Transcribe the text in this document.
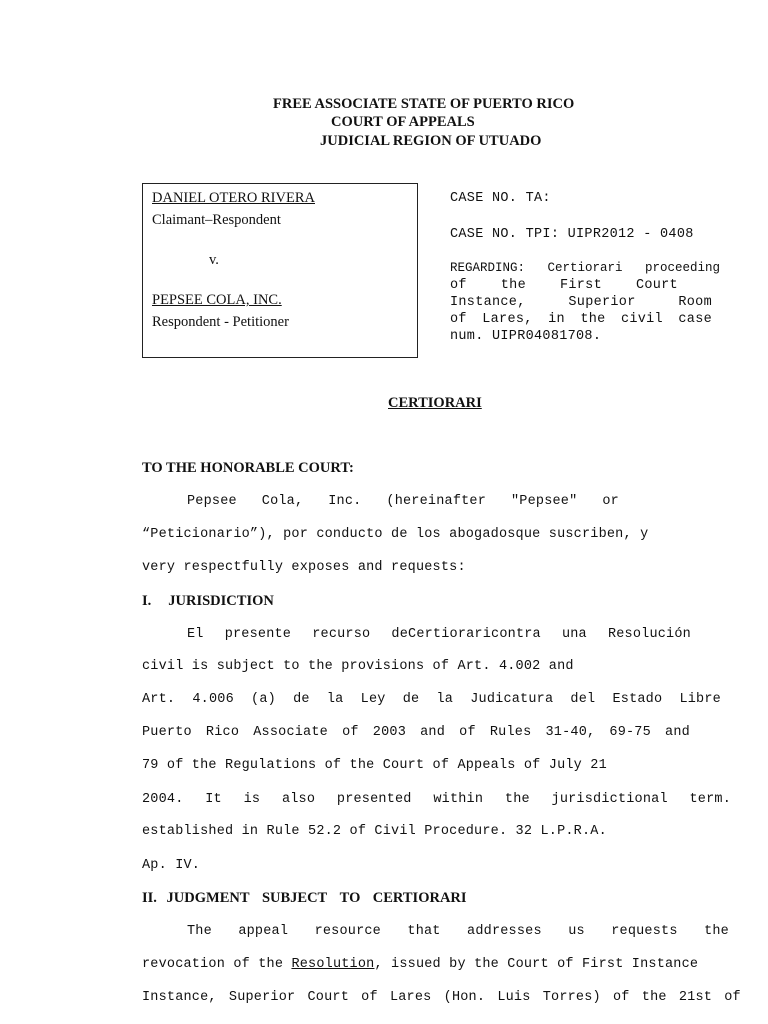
FREE ASSOCIATE STATE OF PUERTO RICO
COURT OF APPEALS
JUDICIAL REGION OF UTUADO
DANIEL OTERO RIVERA
Claimant–Respondent
v.
PEPSEE COLA, INC.
Respondent - Petitioner
CASE NO. TA:
CASE NO. TPI: UIPR2012 - 0408
REGARDING: Certiorari proceeding
of	the	First	Court
Instance,	Superior	Room
of Lares, in the civil case
num. UIPR04081708.
CERTIORARI
TO THE HONORABLE COURT:
Pepsee Cola, Inc. (hereinafter "Pepsee" or
“Peticionario”), por conducto de los abogadosque suscriben, y
very respectfully exposes and requests:
I. JURISDICTION
El presente recurso deCertioraricontra una Resolución
civil is subject to the provisions of Art. 4.002 and
Art. 4.006 (a) de la Ley de la Judicatura del Estado Libre
Puerto Rico Associate of 2003 and of Rules 31-40, 69-75 and
79 of the Regulations of the Court of Appeals of July 21
2004. It is also presented within the jurisdictional term.
established in Rule 52.2 of Civil Procedure. 32 L.P.R.A.
Ap. IV.
II. JUDGMENT SUBJECT TO CERTIORARI
The appeal resource that addresses us requests the
revocation of the Resolution, issued by the Court of First Instance
Instance, Superior Court of Lares (Hon. Luis Torres) of the 21st of
